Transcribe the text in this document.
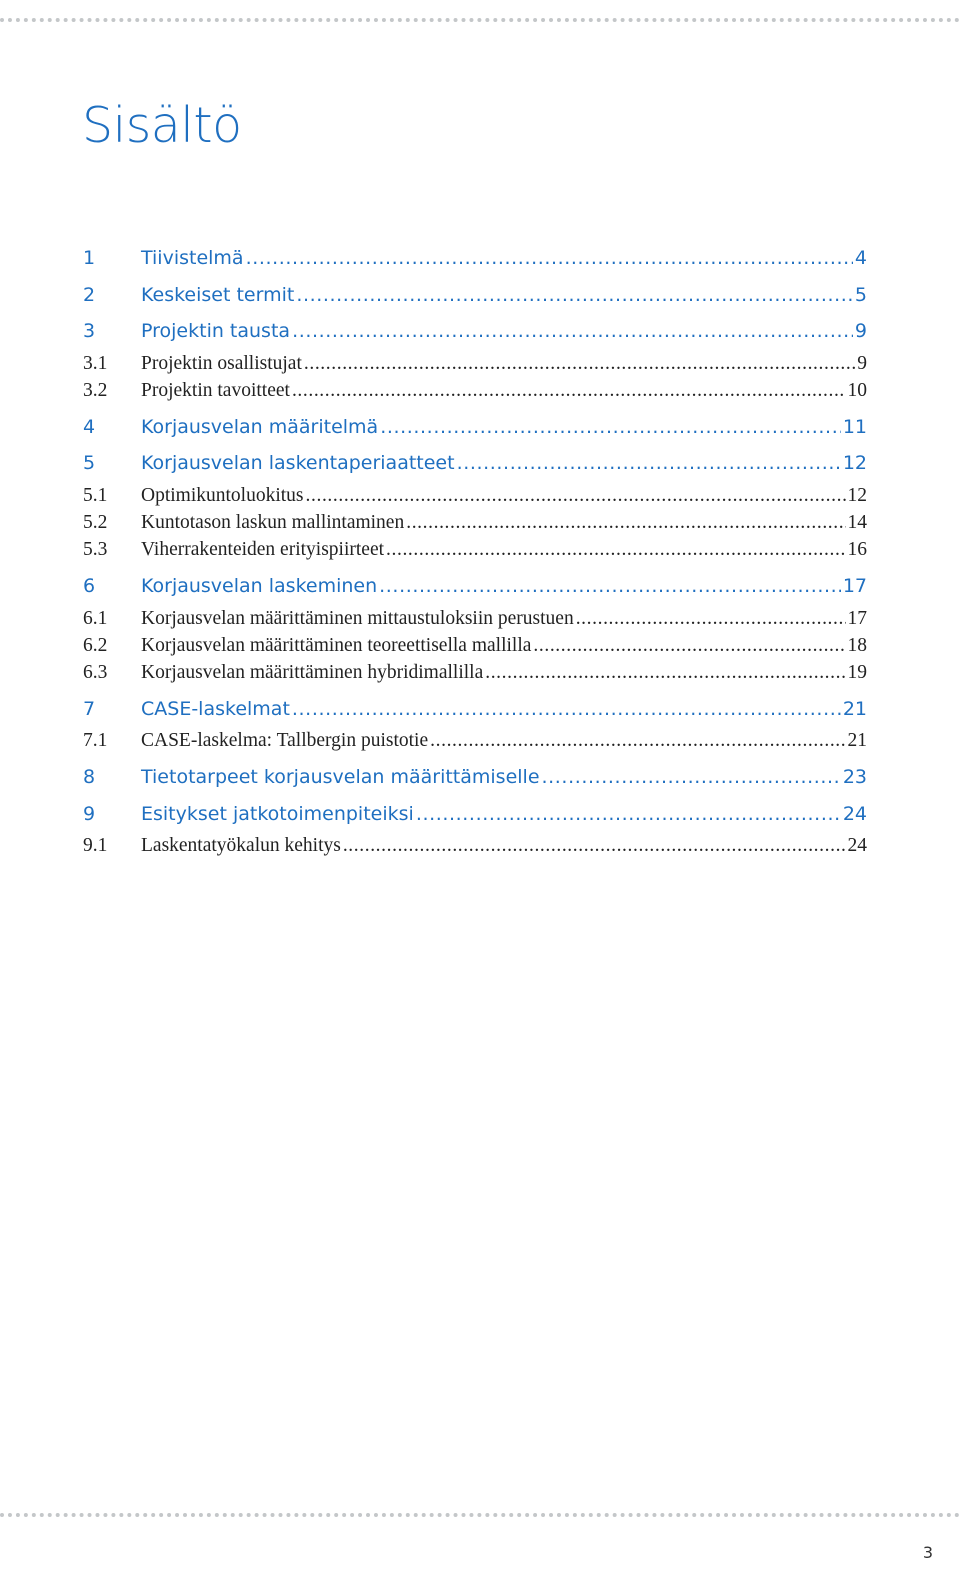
Sisältö
1	Tiivistelmä .....	4
2	Keskeiset termit .....	5
3	Projektin tausta .....	9
3.1	Projektin osallistujat .....	9
3.2	Projektin tavoitteet .....	10
4	Korjausvelan määritelmä .....	11
5	Korjausvelan laskentaperiaatteet .....	12
5.1	Optimikuntoluokitus .....	12
5.2	Kuntotason laskun mallintaminen .....	14
5.3	Viherrakenteiden erityispiirteet .....	16
6	Korjausvelan laskeminen .....	17
6.1	Korjausvelan määrittäminen mittaustuloksiin perustuen .....	17
6.2	Korjausvelan määrittäminen teoreettisella mallilla .....	18
6.3	Korjausvelan määrittäminen hybridimallilla .....	19
7	CASE-laskelmat .....	21
7.1	CASE-laskelma: Tallbergin puistotie .....	21
8	Tietotarpeet korjausvelan määrittämiselle .....	23
9	Esitykset jatkotoimenpiteiksi .....	24
9.1	Laskentatyökalun kehitys .....	24
3
